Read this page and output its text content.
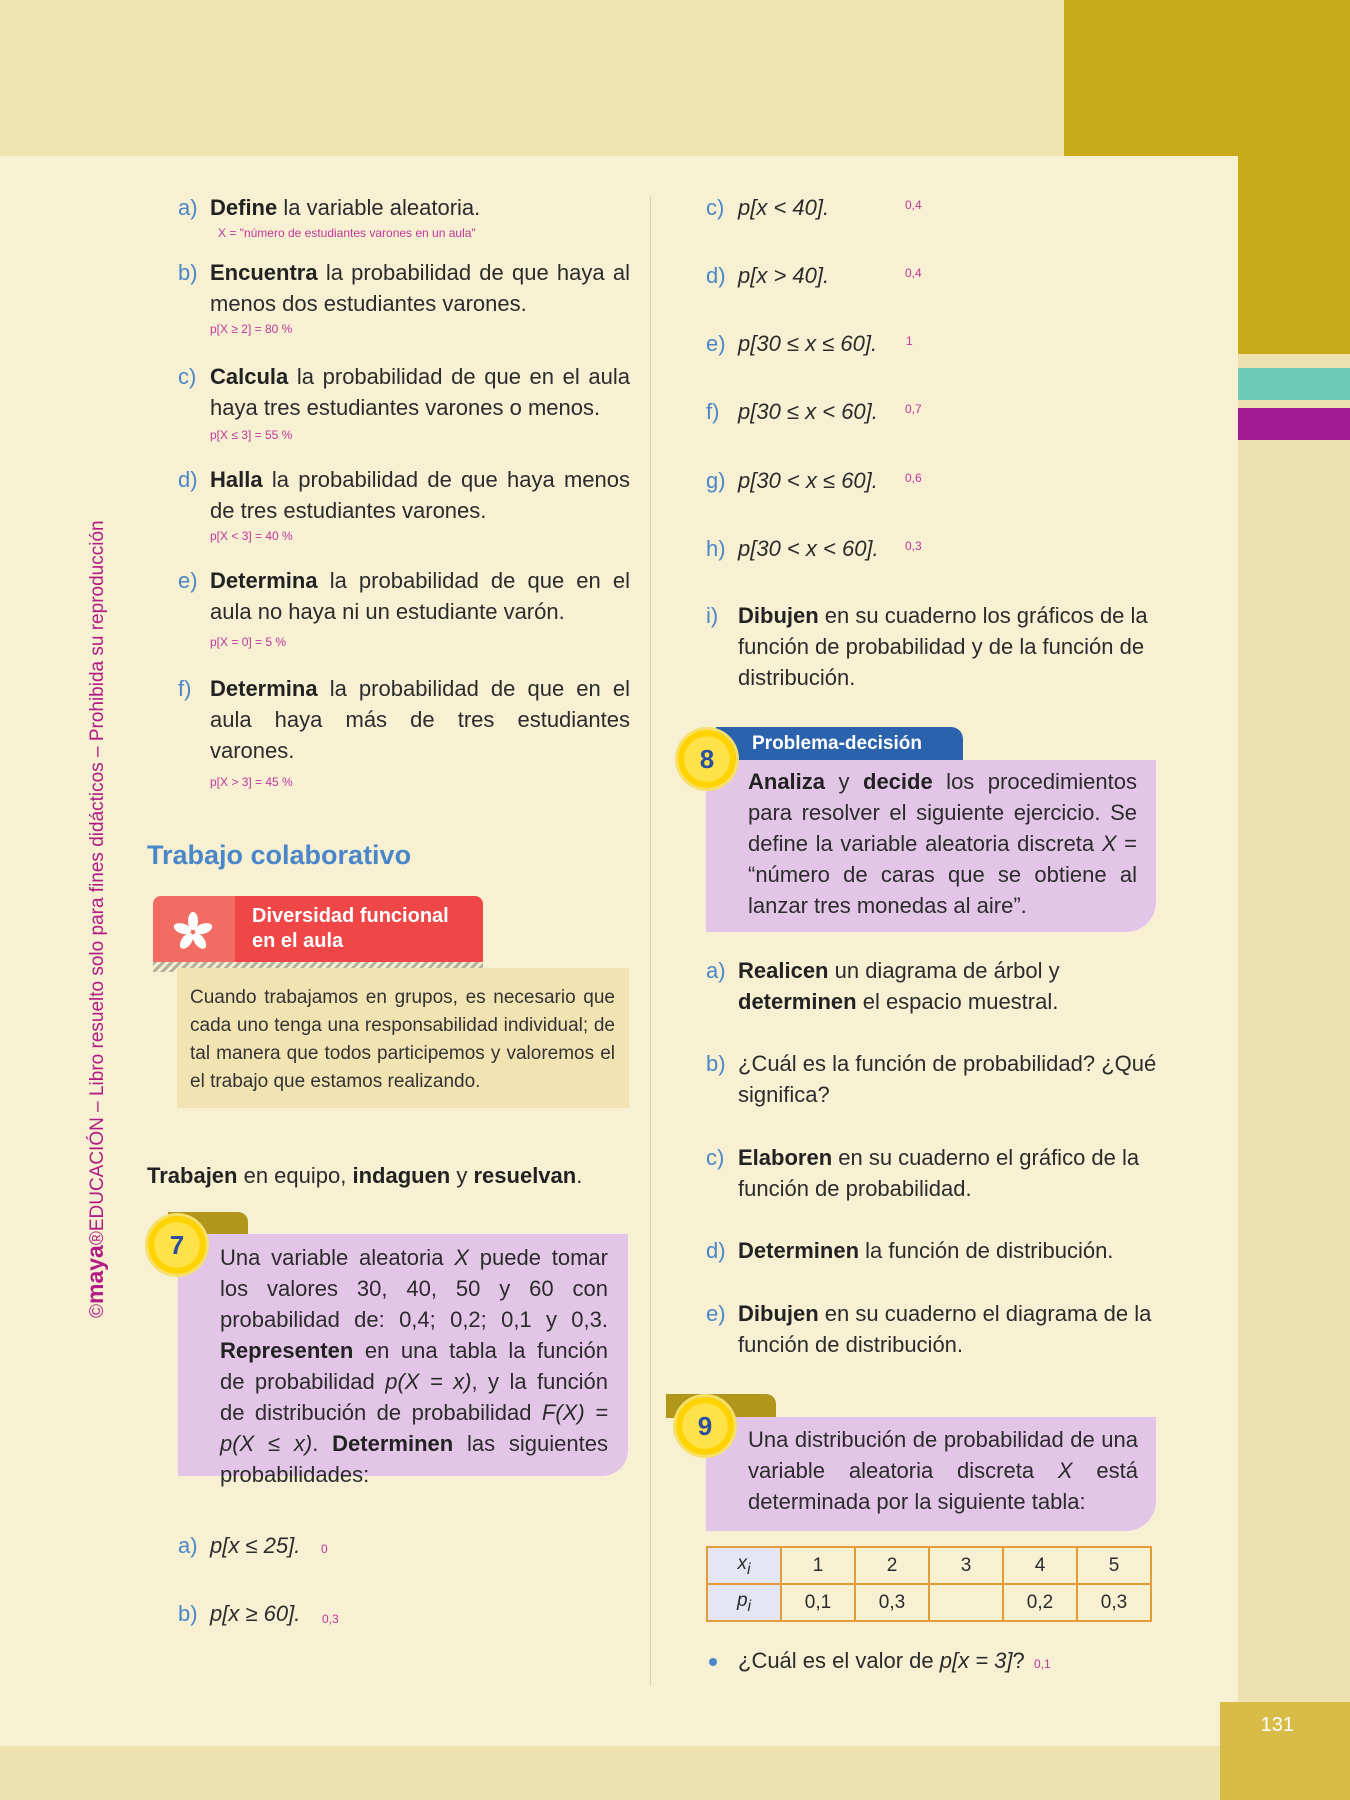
131
©maya®EDUCACIÓN – Libro resuelto solo para fines didácticos – Prohibida su reproducción
a) Define la variable aleatoria.
X = "número de estudiantes varones en un aula"
b) Encuentra la probabilidad de que haya al menos dos estudiantes varones.
p[X ≥ 2] = 80 %
c) Calcula la probabilidad de que en el aula haya tres estudiantes varones o menos.
p[X ≤ 3] = 55 %
d) Halla la probabilidad de que haya menos de tres estudiantes varones.
p[X < 3] = 40 %
e) Determina la probabilidad de que en el aula no haya ni un estudiante varón.
p[X = 0] = 5 %
f) Determina la probabilidad de que en el aula haya más de tres estudiantes varones.
p[X > 3] = 45 %
Trabajo colaborativo
Diversidad funcional
en el aula
Cuando trabajamos en grupos, es necesario que cada uno tenga una responsabilidad individual; de tal manera que todos participemos y valoremos el el trabajo que estamos realizando.
Trabajen en equipo, indaguen y resuelvan.
7	Una variable aleatoria X puede tomar los valores 30, 40, 50 y 60 con probabilidad de: 0,4; 0,2; 0,1 y 0,3. Representen en una tabla la función de probabilidad p(X = x), y la función de distribución de probabilidad F(X) = p(X ≤ x). Determinen las siguientes probabilidades:
a) p[x ≤ 25]. 0
b) p[x ≥ 60]. 0,3
c) p[x < 40].	0,4
d) p[x > 40].	0,4
e) p[30 ≤ x ≤ 60]. 1
f) p[30 ≤ x < 60]. 0,7
g) p[30 < x ≤ 60]. 0,6
h) p[30 < x < 60]. 0,3
i) Dibujen en su cuaderno los gráficos de la función de probabilidad y de la función de distribución.
Problema-decisión
8
Analiza y decide los procedimientos para resolver el siguiente ejercicio. Se define la variable aleatoria discreta X = “número de caras que se obtiene al lanzar tres monedas al aire”.
a) Realicen un diagrama de árbol y determinen el espacio muestral.
b) ¿Cuál es la función de probabilidad? ¿Qué significa?
c) Elaboren en su cuaderno el gráfico de la función de probabilidad.
d) Determinen la función de distribución.
e) Dibujen en su cuaderno el diagrama de la función de distribución.
9	Una distribución de probabilidad de una variable aleatoria discreta X está determinada por la siguiente tabla:
$x_i$	1	2	3	4	5
$p_i$	0,1	0,3		0,2	0,3
¿Cuál es el valor de p[x = 3]? 0,1
